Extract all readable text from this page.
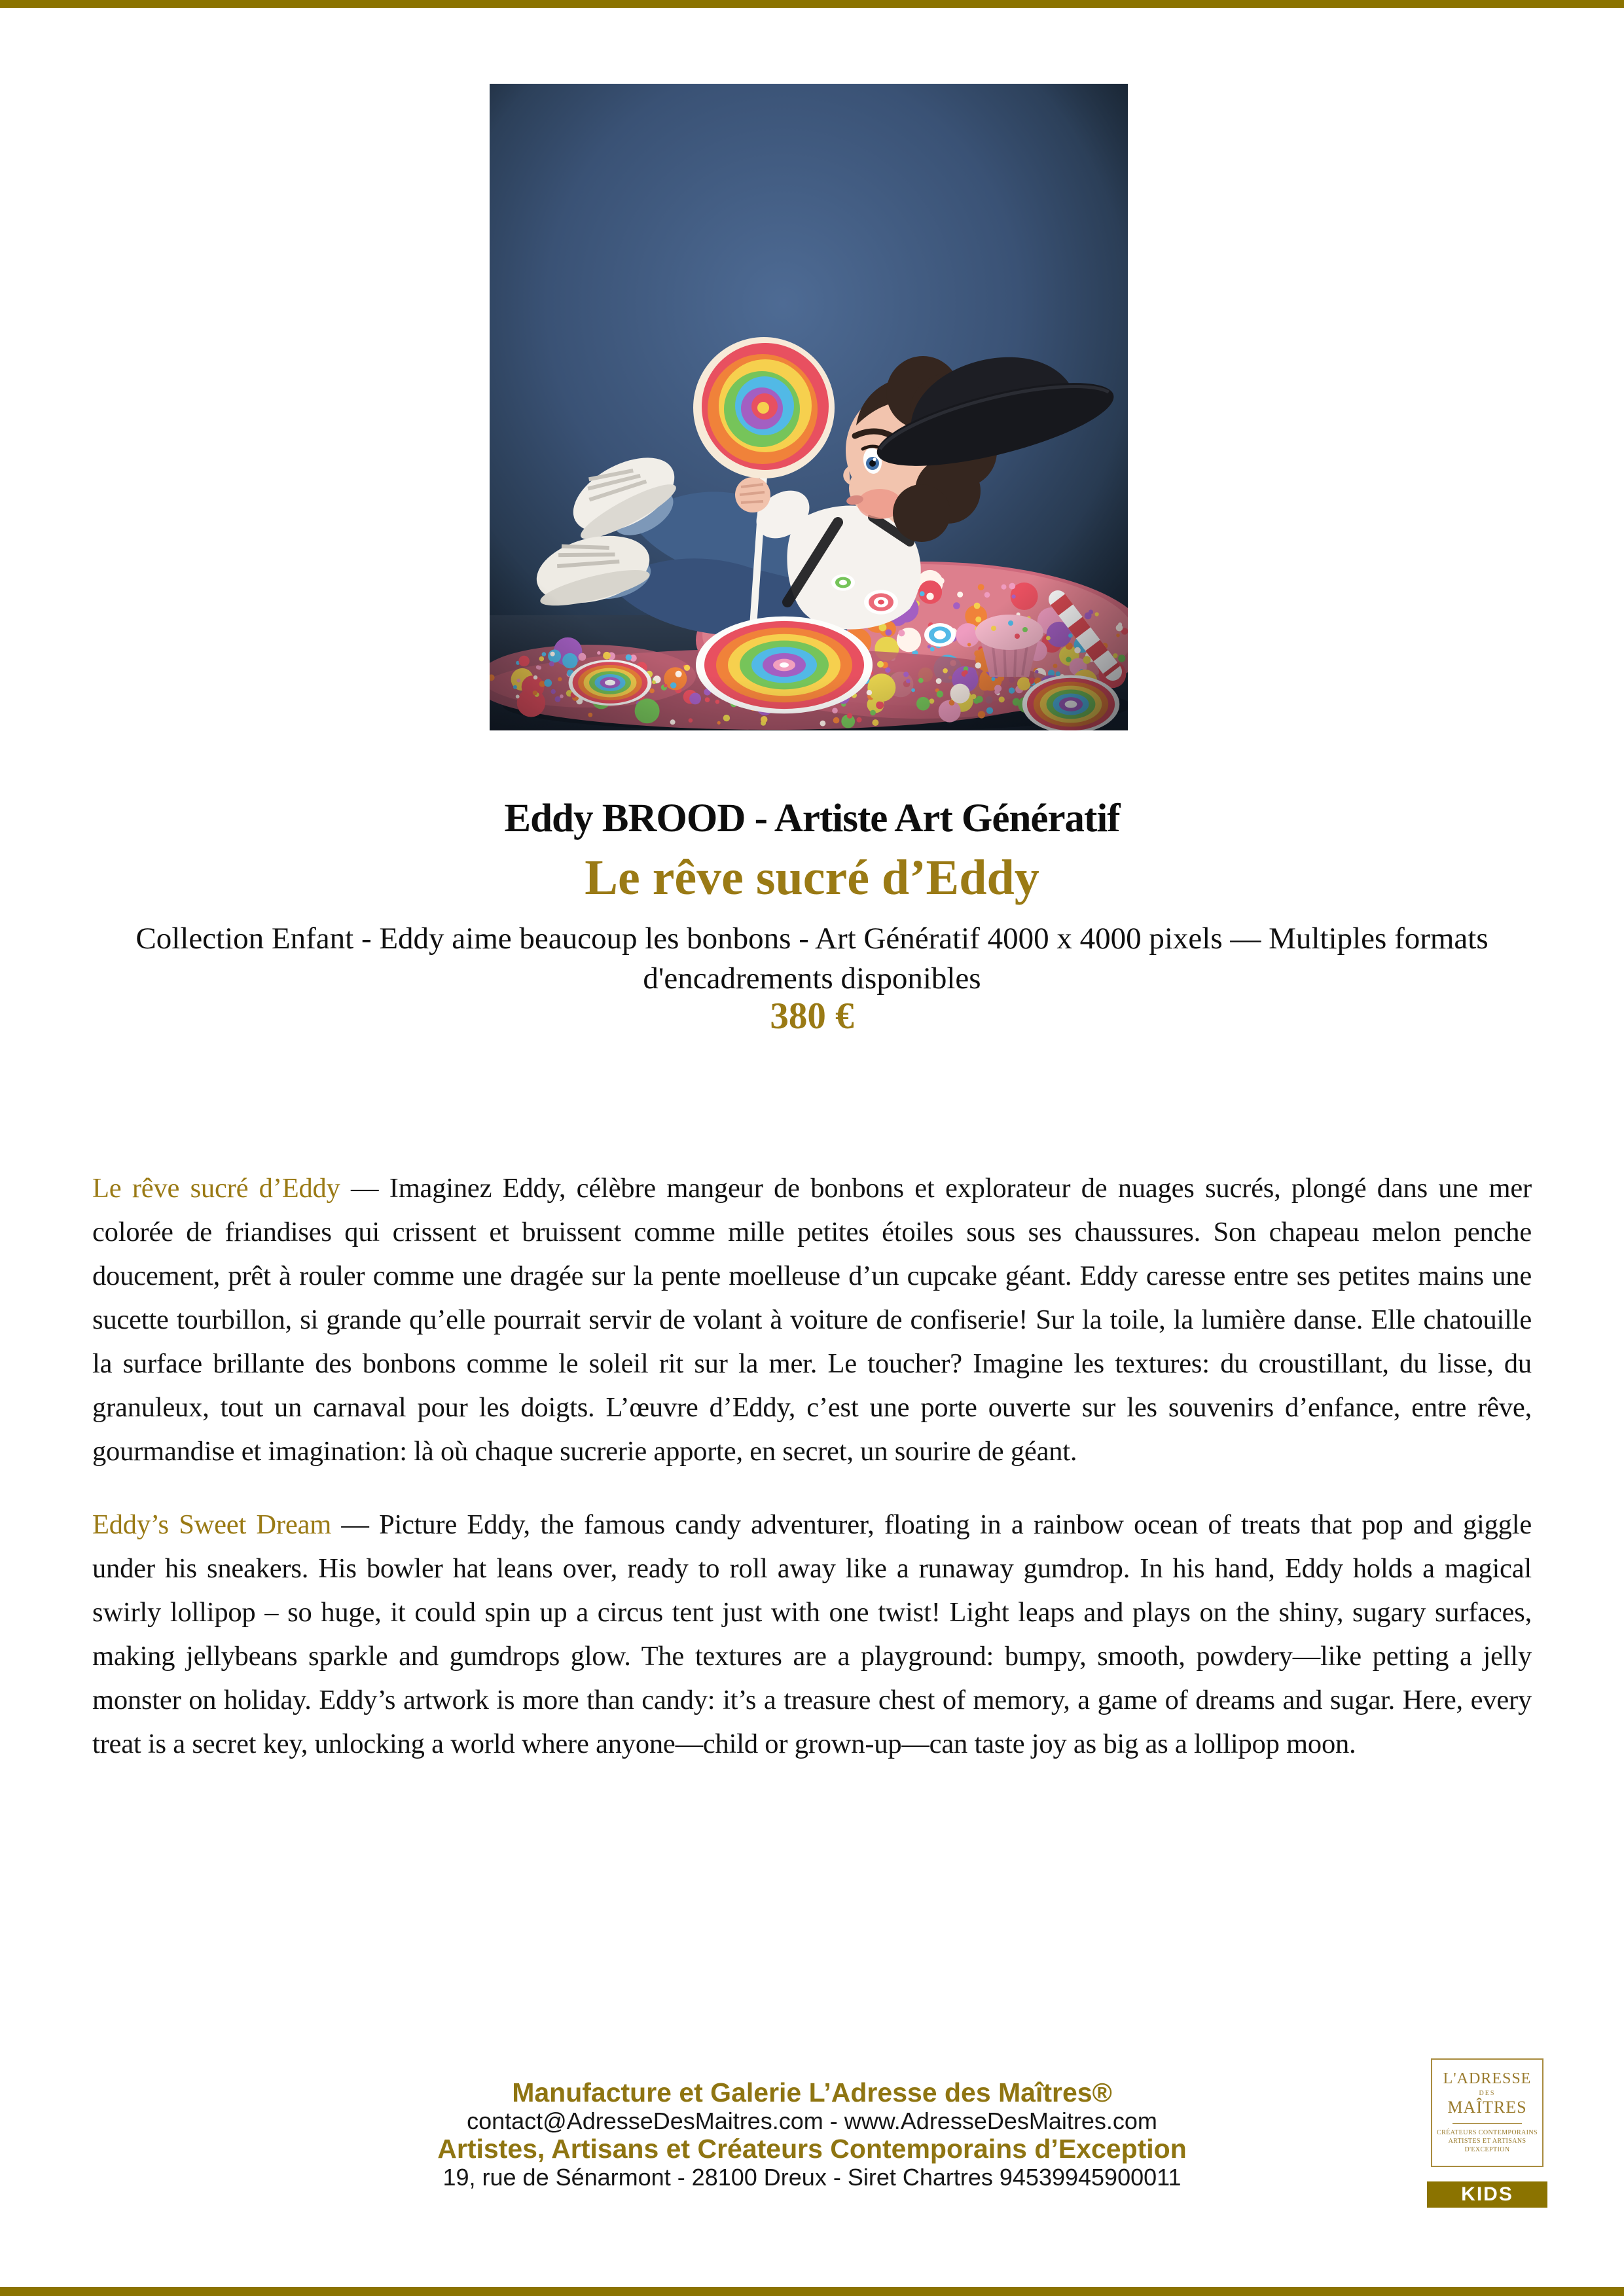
Eddy BROOD - Artiste Art Génératif
Le rêve sucré d’Eddy
Collection Enfant - Eddy aime beaucoup les bonbons - Art Génératif 4000 x 4000 pixels — Multiples formats d'encadrements disponibles
380 €

Le rêve sucré d’Eddy — Imaginez Eddy, célèbre mangeur de bonbons et explorateur de nuages sucrés, plongé dans une mer colorée de friandises qui crissent et bruissent comme mille petites étoiles sous ses chaussures. Son chapeau melon penche doucement, prêt à rouler comme une dragée sur la pente moelleuse d’un cupcake géant. Eddy caresse entre ses petites mains une sucette tourbillon, si grande qu’elle pourrait servir de volant à voiture de confiserie! Sur la toile, la lumière danse. Elle chatouille la surface brillante des bonbons comme le soleil rit sur la mer. Le toucher? Imagine les textures: du croustillant, du lisse, du granuleux, tout un carnaval pour les doigts. L’œuvre d’Eddy, c’est une porte ouverte sur les souvenirs d’enfance, entre rêve, gourmandise et imagination: là où chaque sucrerie apporte, en secret, un sourire de géant.

Eddy’s Sweet Dream — Picture Eddy, the famous candy adventurer, floating in a rainbow ocean of treats that pop and giggle under his sneakers. His bowler hat leans over, ready to roll away like a runaway gumdrop. In his hand, Eddy holds a magical swirly lollipop – so huge, it could spin up a circus tent just with one twist! Light leaps and plays on the shiny, sugary surfaces, making jellybeans sparkle and gumdrops glow. The textures are a playground: bumpy, smooth, powdery—like petting a jelly monster on holiday. Eddy’s artwork is more than candy: it’s a treasure chest of memory, a game of dreams and sugar. Here, every treat is a secret key, unlocking a world where anyone—child or grown-up—can taste joy as big as a lollipop moon.

Manufacture et Galerie L’Adresse des Maîtres®
contact@AdresseDesMaitres.com - www.AdresseDesMaitres.com
Artistes, Artisans et Créateurs Contemporains d’Exception
19, rue de Sénarmont - 28100 Dreux - Siret Chartres 94539945900011
L'ADRESSE
DES
MAÎTRES
CRÉATEURS CONTEMPORAINS
ARTISTES ET ARTISANS
D'EXCEPTION
KIDS
